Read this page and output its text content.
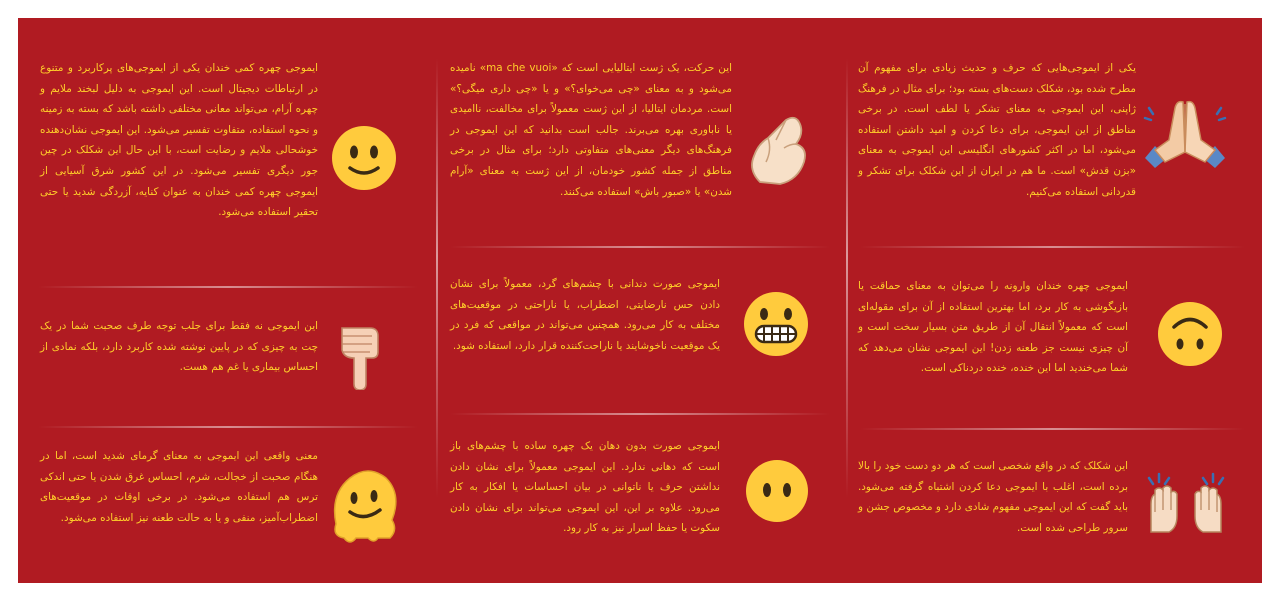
یکی از ایموجی‌هایی که حرف و حدیث زیادی برای مفهوم آن مطرح شده بود، شکلک دست‌های بسته بود؛ برای مثال در فرهنگ ژاپنی، این ایموجی به معنای تشکر یا لطف است. در برخی مناطق از این ایموجی، برای دعا کردن و امید داشتن استفاده می‌شود، اما در اکثر کشورهای انگلیسی این ایموجی به معنای «بزن قدش» است. ما هم در ایران از این شکلک برای تشکر و قدردانی استفاده می‌کنیم.

ایموجی چهره خندان وارونه را می‌توان به معنای حماقت یا بازیگوشی به کار برد، اما بهترین استفاده از آن برای مقوله‌ای است که معمولاً انتقال آن از طریق متن بسیار سخت است و آن چیزی نیست جز طعنه زدن! این ایموجی نشان می‌دهد که شما می‌خندید اما این خنده، خنده دردناکی است.

این شکلک که در واقع شخصی است که هر دو دست خود را بالا برده است، اغلب با ایموجی دعا کردن اشتباه گرفته می‌شود. باید گفت که این ایموجی مفهوم شادی دارد و مخصوص جشن و سرور طراحی شده است.

این حرکت، یک ژست ایتالیایی است که «ma che vuoi» نامیده می‌شود و به معنای «چی می‌خوای؟» و یا «چی داری میگی؟» است. مردمان ایتالیا، از این ژست معمولاً برای مخالفت، ناامیدی یا ناباوری بهره می‌برند. جالب است بدانید که این ایموجی در فرهنگ‌های دیگر معنی‌های متفاوتی دارد؛ برای مثال در برخی مناطق از جمله کشور خودمان، از این ژست به معنای «آرام شدن» یا «صبور باش» استفاده می‌کنند.

ایموجی صورت دندانی با چشم‌های گرد، معمولاً برای نشان دادن حس نارضایتی، اضطراب، یا ناراحتی در موقعیت‌های مختلف به کار می‌رود. همچنین می‌تواند در مواقعی که فرد در یک موقعیت ناخوشایند یا ناراحت‌کننده قرار دارد، استفاده شود.

ایموجی صورت بدون دهان یک چهره ساده با چشم‌های باز است که دهانی ندارد. این ایموجی معمولاً برای نشان دادن نداشتن حرف یا ناتوانی در بیان احساسات یا افکار به کار می‌رود. علاوه بر این، این ایموجی می‌تواند برای نشان دادن سکوت یا حفظ اسرار نیز به کار رود.

ایموجی چهره کمی خندان یکی از ایموجی‌های پرکاربرد و متنوع در ارتباطات دیجیتال است. این ایموجی به دلیل لبخند ملایم و چهره آرام، می‌تواند معانی مختلفی داشته باشد که بسته به زمینه و نحوه استفاده، متفاوت تفسیر می‌شود. این ایموجی نشان‌دهنده خوشحالی ملایم و رضایت است، با این حال این شکلک در چین جور دیگری تفسیر می‌شود. در این کشور شرق آسیایی از ایموجی چهره کمی خندان به عنوان کنایه، آزردگی شدید یا حتی تحقیر استفاده می‌شود.

این ایموجی نه فقط برای جلب توجه طرف صحبت شما در یک چت به چیزی که در پایین نوشته شده کاربرد دارد، بلکه نمادی از احساس بیماری یا غم هم هست.

معنی واقعی این ایموجی به معنای گرمای شدید است، اما در هنگام صحبت از خجالت، شرم، احساس غرق شدن یا حتی اندکی ترس هم استفاده می‌شود. در برخی اوقات در موقعیت‌های اضطراب‌آمیز، منفی و یا به حالت طعنه نیز استفاده می‌شود.
